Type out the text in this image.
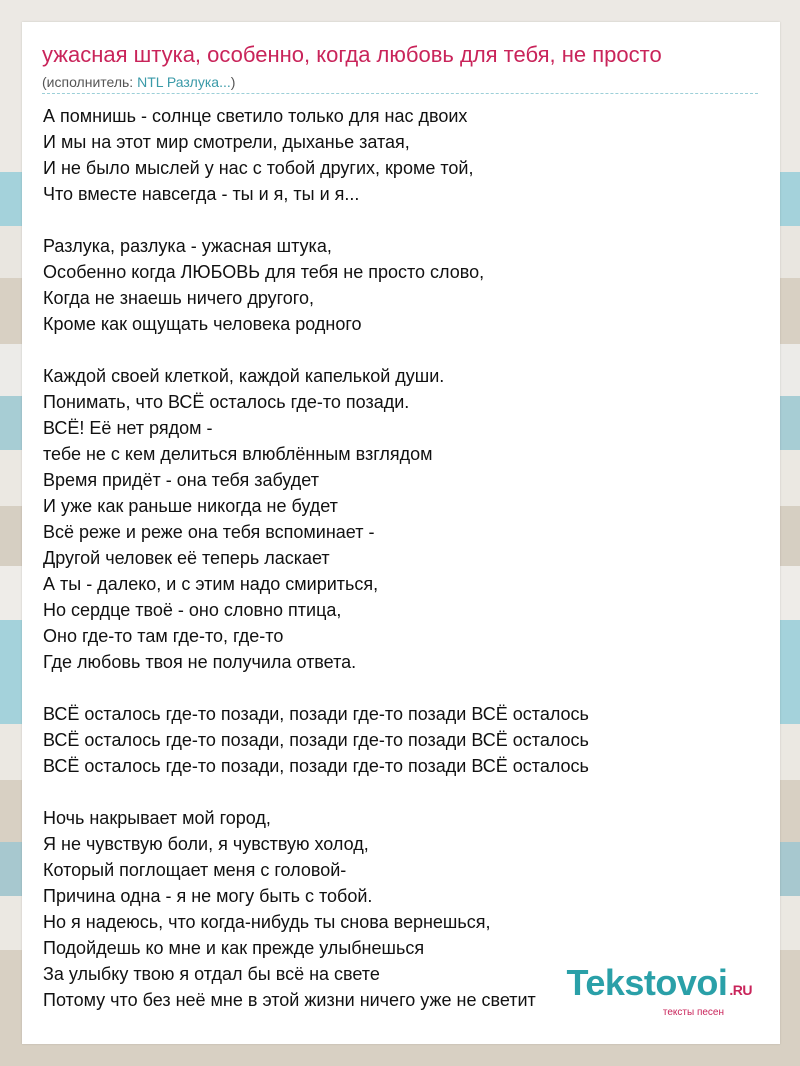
ужасная штука, особенно, когда любовь для тебя, не просто
(исполнитель: NTL Разлука...)
А помнишь - солнце светило только для нас двоих
И мы на этот мир смотрели, дыханье затая,
И не было мыслей у нас с тобой других, кроме той,
Что вместе навсегда - ты и я, ты и я...
Разлука, разлука - ужасная штука,
Особенно когда ЛЮБОВЬ для тебя не просто слово,
Когда не знаешь ничего другого,
Кроме как ощущать человека родного
Каждой своей клеткой, каждой капелькой души.
Понимать, что ВСЁ осталось где-то позади.
ВСЁ! Её нет рядом -
тебе не с кем делиться влюблённым взглядом
Время придёт - она тебя забудет
И уже как раньше никогда не будет
Всё реже и реже она тебя вспоминает -
Другой человек её теперь ласкает
А ты - далеко, и с этим надо смириться,
Но сердце твоё - оно словно птица,
Оно где-то там где-то, где-то
Где любовь твоя не получила ответа.
ВСЁ осталось где-то позади, позади где-то позади ВСЁ осталось
ВСЁ осталось где-то позади, позади где-то позади ВСЁ осталось
ВСЁ осталось где-то позади, позади где-то позади ВСЁ осталось
Ночь накрывает мой город,
Я не чувствую боли, я чувствую холод,
Который поглощает меня с головой-
Причина одна - я не могу быть с тобой.
Но я надеюсь, что когда-нибудь ты снова вернешься,
Подойдешь ко мне и как прежде улыбнешься
За улыбку твою я отдал бы всё на свете
Потому что без неё мне в этой жизни ничего уже не светит Tekstovoi .RU
тексты песен
